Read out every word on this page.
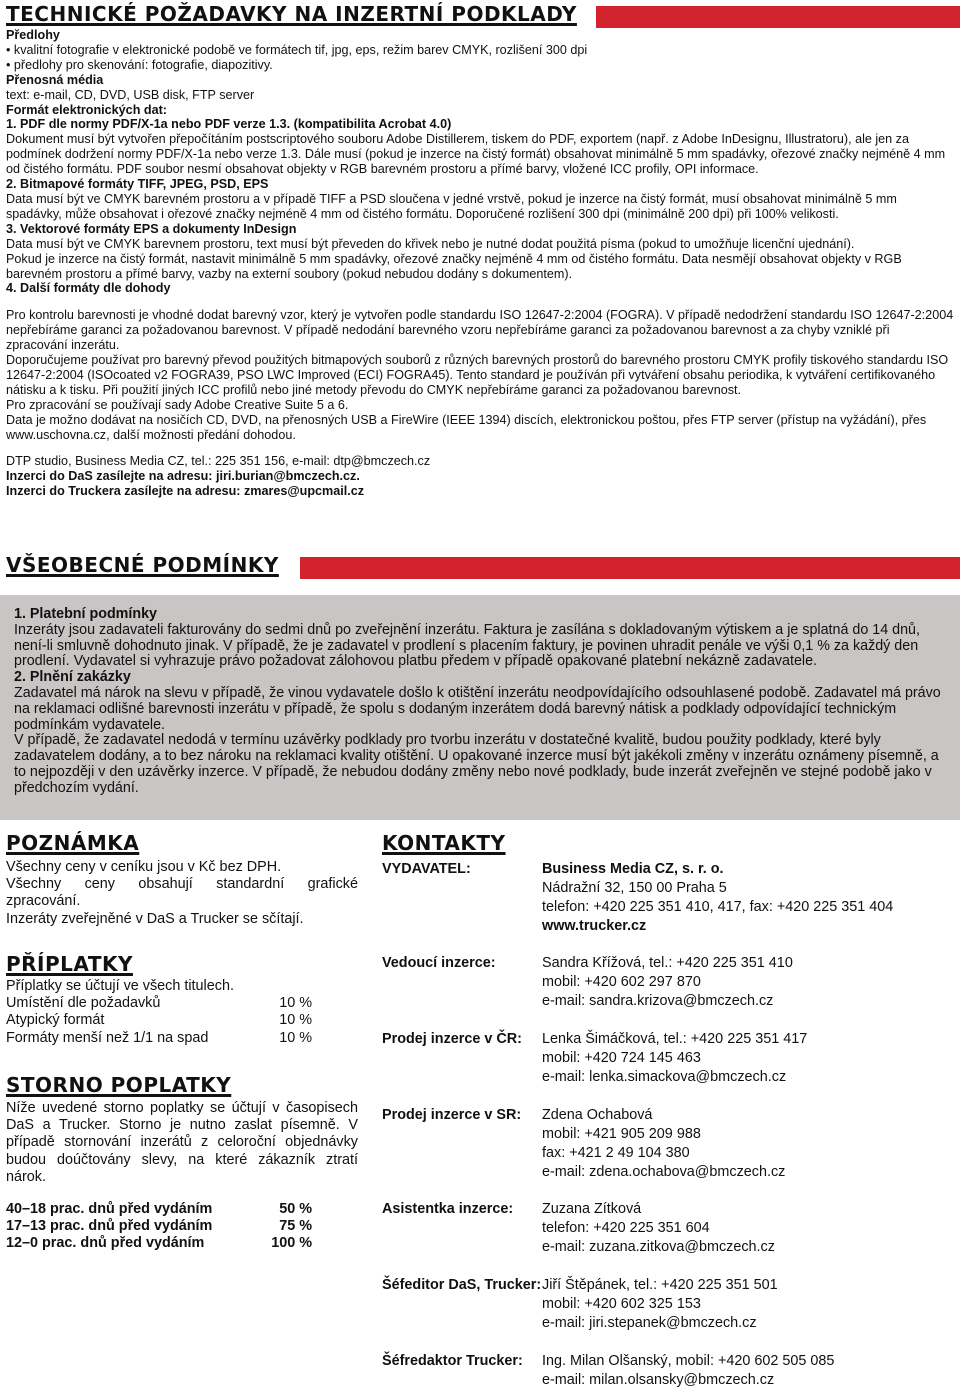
TECHNICKÉ POŽADAVKY NA INZERTNÍ PODKLADY

Předlohy

• kvalitní fotografie v elektronické podobě ve formátech tif, jpg, eps, režim barev CMYK, rozlišení 300 dpi

• předlohy pro skenování: fotografie, diapozitivy.

Přenosná média

text: e-mail, CD, DVD, USB disk, FTP server

Formát elektronických dat:

1. PDF dle normy PDF/X-1a nebo PDF verze 1.3. (kompatibilita Acrobat 4.0)

Dokument musí být vytvořen přepočítáním postscriptového souboru Adobe Distillerem, tiskem do PDF, exportem (např. z Adobe InDesignu, Illustratoru), ale jen za podmínek dodržení normy PDF/X-1a nebo verze 1.3. Dále musí (pokud je inzerce na čistý formát) obsahovat minimálně 5 mm spadávky, ořezové značky nejméně 4 mm od čistého formátu. PDF soubor nesmí obsahovat objekty v RGB barevném prostoru a přímé barvy, vložené ICC profily, OPI informace.

2. Bitmapové formáty TIFF, JPEG, PSD, EPS

Data musí být ve CMYK barevném prostoru a v případě TIFF a PSD sloučena v jedné vrstvě, pokud je inzerce na čistý formát, musí obsahovat minimálně 5 mm spadávky, může obsahovat i ořezové značky nejméně 4 mm od čistého formátu. Doporučené rozlišení 300 dpi (minimálně 200 dpi) při 100% velikosti.

3. Vektorové formáty EPS a dokumenty InDesign

Data musí být ve CMYK barevnem prostoru, text musí být převeden do křivek nebo je nutné dodat použitá písma (pokud to umožňuje licenční ujednání).

Pokud je inzerce na čistý formát, nastavit minimálně 5 mm spadávky, ořezové značky nejméně 4 mm od čistého formátu. Data nesmějí obsahovat objekty v RGB barevném prostoru a přímé barvy, vazby na externí soubory (pokud nebudou dodány s dokumentem).

4. Další formáty dle dohody

Pro kontrolu barevnosti je vhodné dodat barevný vzor, který je vytvořen podle standardu ISO 12647-2:2004 (FOGRA). V případě nedodržení standardu ISO 12647-2:2004 nepřebíráme garanci za požadovanou barevnost. V případě nedodání barevného vzoru nepřebíráme garanci za požadovanou barevnost a za chyby vzniklé při zpracování inzerátu.

Doporučujeme používat pro barevný převod použitých bitmapových souborů z různých barevných prostorů do barevného prostoru CMYK profily tiskového standardu ISO 12647-2:2004 (ISOcoated v2 FOGRA39, PSO LWC Improved (ECI) FOGRA45). Tento standard je používán při vytváření obsahu periodika, k vytváření certifikovaného nátisku a k tisku. Při použití jiných ICC profilů nebo jiné metody převodu do CMYK nepřebíráme garanci za požadovanou barevnost.

Pro zpracování se používají sady Adobe Creative Suite 5 a 6.

Data je možno dodávat na nosičích CD, DVD, na přenosných USB a FireWire (IEEE 1394) discích, elektronickou poštou, přes FTP server (přístup na vyžádání), přes www.uschovna.cz, další možnosti předání dohodou.

DTP studio, Business Media CZ, tel.: 225 351 156, e-mail: dtp@bmczech.cz

Inzerci do DaS zasílejte na adresu: jiri.burian@bmczech.cz.

Inzerci do Truckera zasílejte na adresu: zmares@upcmail.cz

VŠEOBECNÉ PODMÍNKY

1. Platební podmínky

Inzeráty jsou zadavateli fakturovány do sedmi dnů po zveřejnění inzerátu. Faktura je zasílána s dokladovaným výtiskem a je splatná do 14 dnů, není-li smluvně dohodnuto jinak. V případě, že je zadavatel v prodlení s placením faktury, je povinen uhradit penále ve výši 0,1 % za každý den prodlení. Vydavatel si vyhrazuje právo požadovat zálohovou platbu předem v případě opakované platební nekázně zadavatele.

2. Plnění zakázky

Zadavatel má nárok na slevu v případě, že vinou vydavatele došlo k otištění inzerátu neodpovídajícího odsouhlasené podobě. Zadavatel má právo na reklamaci odlišné barevnosti inzerátu v případě, že spolu s dodaným inzerátem dodá barevný nátisk a podklady odpovídající technickým podmínkám vydavatele.

V případě, že zadavatel nedodá v termínu uzávěrky podklady pro tvorbu inzerátu v dostatečné kvalitě, budou použity podklady, které byly zadavatelem dodány, a to bez nároku na reklamaci kvality otištění. U opakované inzerce musí být jakékoli změny v inzerátu oznámeny písemně, a to nejpozději v den uzávěrky inzerce. V případě, že nebudou dodány změny nebo nové podklady, bude inzerát zveřejněn ve stejné podobě jako v předchozím vydání.

POZNÁMKA

Všechny ceny v ceníku jsou v Kč bez DPH.

Všechny ceny obsahují standardní grafické zpracování.

Inzeráty zveřejněné v DaS a Trucker se sčítají.

PŘÍPLATKY

Příplatky se účtují ve všech titulech.

Umístění dle požadavků	10 %
Atypický formát	10 %
Formáty menší než 1/1 na spad	10 %
STORNO POPLATKY

Níže uvedené storno poplatky se účtují v časopisech DaS a Trucker. Storno je nutno zaslat písemně. V případě stornování inzerátů z celoroční objednávky budou doúčtovány slevy, na které zákazník ztratí nárok.

40–18 prac. dnů před vydáním	50 %
17–13 prac. dnů před vydáním	75 %
12–0 prac. dnů před vydáním	100 %
KONTAKTY
VYDAVATEL:	Business Media CZ, s. r. o.
Nádražní 32, 150 00 Praha 5
telefon: +420 225 351 410, 417, fax: +420 225 351 404
www.trucker.cz
Vedoucí inzerce:	Sandra Křížová, tel.: +420 225 351 410
mobil: +420 602 297 870
e-mail: sandra.krizova@bmczech.cz
Prodej inzerce v ČR:	Lenka Šimáčková, tel.: +420 225 351 417
mobil: +420 724 145 463
e-mail: lenka.simackova@bmczech.cz
Prodej inzerce v SR:	Zdena Ochabová
mobil: +421 905 209 988
fax: +421 2 49 104 380
e-mail: zdena.ochabova@bmczech.cz
Asistentka inzerce:	Zuzana Zítková
telefon: +420 225 351 604
e-mail: zuzana.zitkova@bmczech.cz
Šéfeditor DaS, Trucker: Jiří Štěpánek, tel.: +420 225 351 501
mobil: +420 602 325 153
e-mail: jiri.stepanek@bmczech.cz
Šéfredaktor Trucker:	Ing. Milan Olšanský, mobil: +420 602 505 085
e-mail: milan.olsansky@bmczech.cz
